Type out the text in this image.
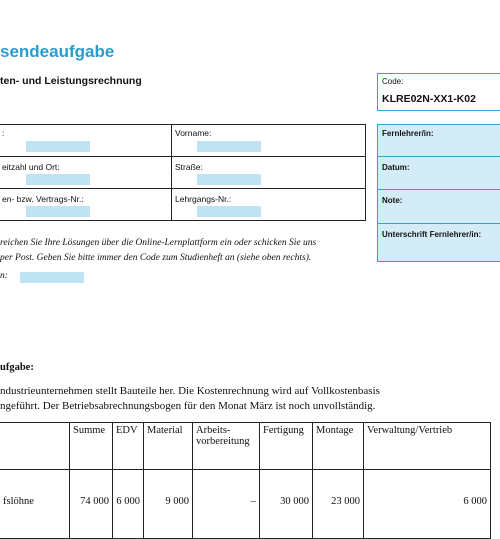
sendeaufgabe
ten- und Leistungsrechnung	Code:
KLRE02N-XX1-K02
:	Vorname:
eitzahl und Ort:	Straße:
en- bzw. Vertrags-Nr.:	Lehrgangs-Nr.:
Fernlehrer/in:
Datum:
Note:
Unterschrift Fernlehrer/in:
reichen Sie Ihre Lösungen über die Online-Lernplattform ein oder schicken Sie uns
per Post. Geben Sie bitte immer den Code zum Studienheft an (siehe oben rechts).
n:
ufgabe:
ndustrieunternehmen stellt Bauteile her. Die Kostenrechnung wird auf Vollkostenbasis
ngeführt. Der Betriebsabrechnungsbogen für den Monat März ist noch unvollständig.
	Summe	EDV	Material	Arbeits-
vorbereitung	Fertigung	Montage	Verwaltung/Vertrieb
fslöhne	74 000	6 000	9 000	–	30 000	23 000	6 000
